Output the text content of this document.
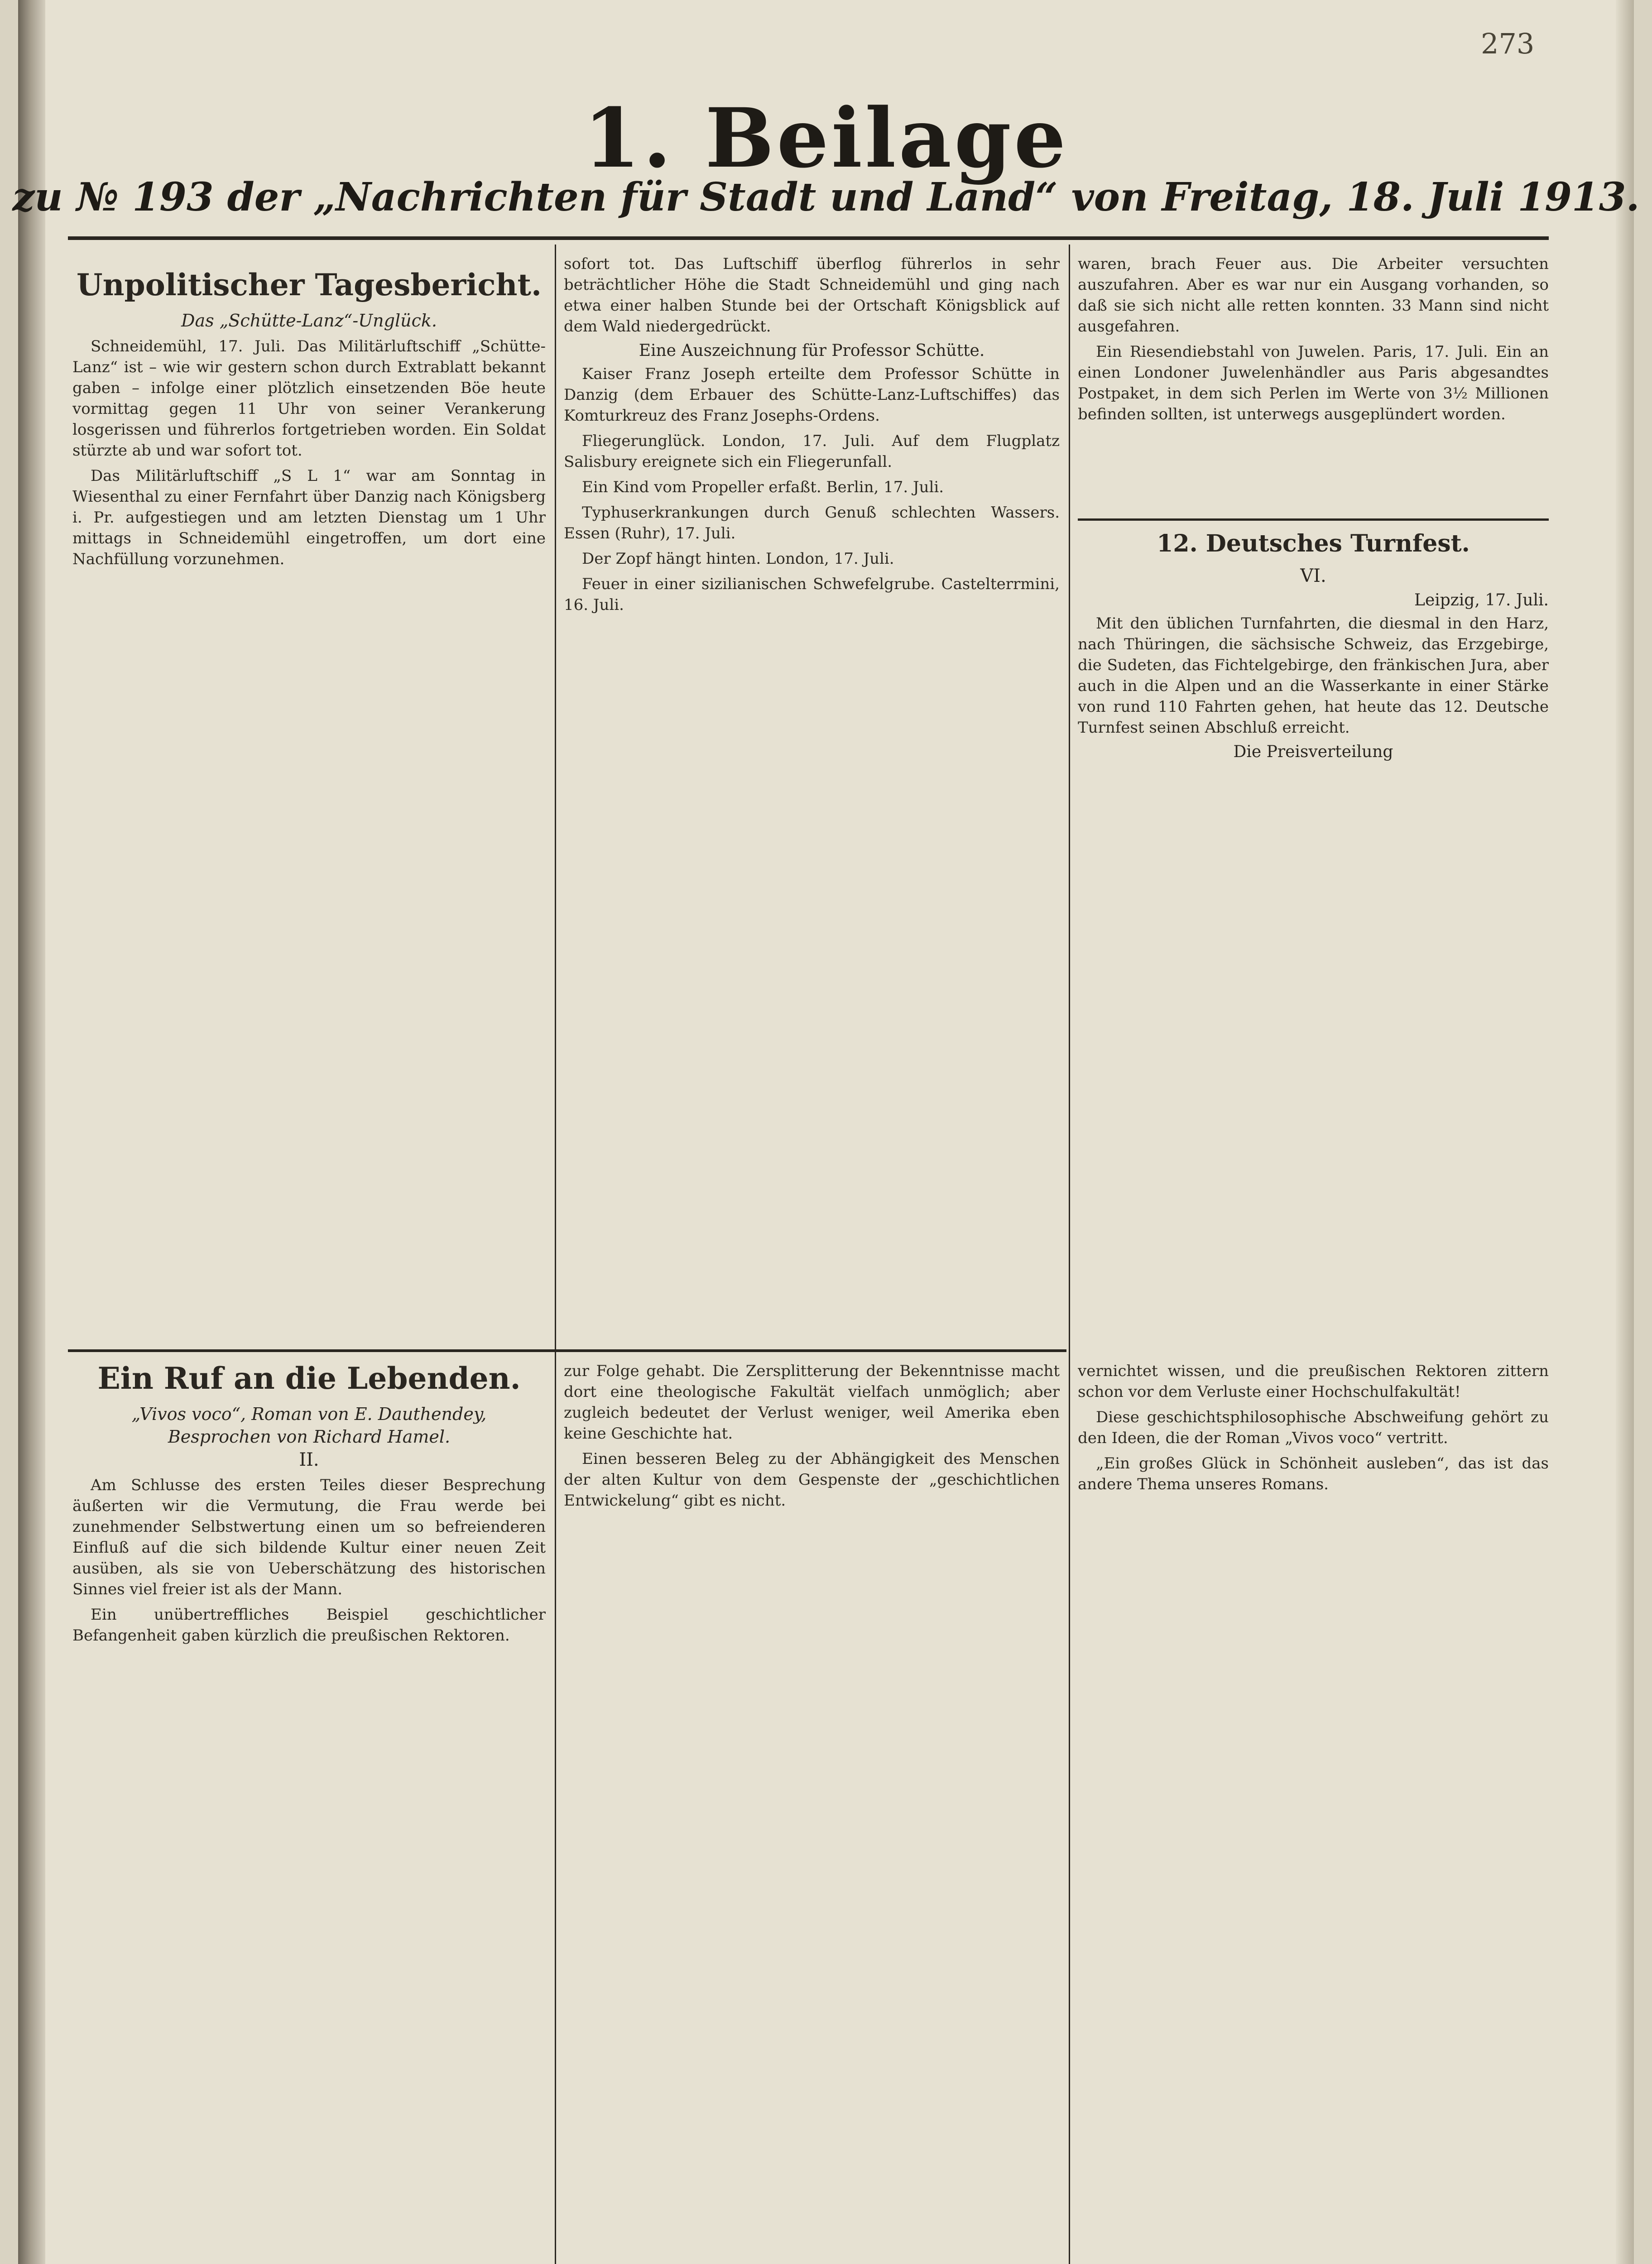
273
1. Beilage
zu № 193 der „Nachrichten für Stadt und Land“ von Freitag, 18. Juli 1913.
Unpolitischer Tagesbericht.
Das „Schütte-Lanz“-Unglück.

Schneidemühl, 17. Juli. Das Militärluftschiff „Schütte-Lanz“ ist – wie wir gestern schon durch Extrablatt bekannt gaben – infolge einer plötzlich einsetzenden Böe heute vormittag gegen 11 Uhr von seiner Verankerung losgerissen und führerlos fortgetrieben worden. Ein Soldat stürzte ab und war sofort tot.

Das Militärluftschiff „S L 1“ war am Sonntag in Wiesenthal zu einer Fernfahrt über Danzig nach Königsberg i. Pr. aufgestiegen und am letzten Dienstag um 1 Uhr mittags in Schneidemühl eingetroffen, um dort eine Nachfüllung vorzunehmen.

sofort tot. Das Luftschiff überflog führerlos in sehr beträchtlicher Höhe die Stadt Schneidemühl und ging nach etwa einer halben Stunde bei der Ortschaft Königsblick auf dem Wald niedergedrückt.

Eine Auszeichnung für Professor Schütte.

Kaiser Franz Joseph erteilte dem Professor Schütte in Danzig (dem Erbauer des Schütte-Lanz-Luftschiffes) das Komturkreuz des Franz Josephs-Ordens.

Fliegerunglück. London, 17. Juli. Auf dem Flugplatz Salisbury ereignete sich ein Fliegerunfall.

Ein Kind vom Propeller erfaßt. Berlin, 17. Juli.

Typhuserkrankungen durch Genuß schlechten Wassers. Essen (Ruhr), 17. Juli.

Der Zopf hängt hinten. London, 17. Juli.

Feuer in einer sizilianischen Schwefelgrube. Castelterrmini, 16. Juli.

waren, brach Feuer aus. Die Arbeiter versuchten auszufahren. Aber es war nur ein Ausgang vorhanden, so daß sie sich nicht alle retten konnten. 33 Mann sind nicht ausgefahren.

Ein Riesendiebstahl von Juwelen. Paris, 17. Juli. Ein an einen Londoner Juwelenhändler aus Paris abgesandtes Postpaket, in dem sich Perlen im Werte von 3½ Millionen befinden sollten, ist unterwegs ausgeplündert worden.

12. Deutsches Turnfest.
VI.
Leipzig, 17. Juli.

Mit den üblichen Turnfahrten, die diesmal in den Harz, nach Thüringen, die sächsische Schweiz, das Erzgebirge, die Sudeten, das Fichtelgebirge, den fränkischen Jura, aber auch in die Alpen und an die Wasserkante in einer Stärke von rund 110 Fahrten gehen, hat heute das 12. Deutsche Turnfest seinen Abschluß erreicht.

Die Preisverteilung
Ein Ruf an die Lebenden.
„Vivos voco“, Roman von E. Dauthendey,
Besprochen von Richard Hamel.
II.

Am Schlusse des ersten Teiles dieser Besprechung äußerten wir die Vermutung, die Frau werde bei zunehmender Selbstwertung einen um so befreienderen Einfluß auf die sich bildende Kultur einer neuen Zeit ausüben, als sie von Ueberschätzung des historischen Sinnes viel freier ist als der Mann.

Ein unübertreffliches Beispiel geschichtlicher Befangenheit gaben kürzlich die preußischen Rektoren.

zur Folge gehabt. Die Zersplitterung der Bekenntnisse macht dort eine theologische Fakultät vielfach unmöglich; aber zugleich bedeutet der Verlust weniger, weil Amerika eben keine Geschichte hat.

Einen besseren Beleg zu der Abhängigkeit des Menschen der alten Kultur von dem Gespenste der „geschichtlichen Entwickelung“ gibt es nicht.

vernichtet wissen, und die preußischen Rektoren zittern schon vor dem Verluste einer Hochschulfakultät!

Diese geschichtsphilosophische Abschweifung gehört zu den Ideen, die der Roman „Vivos voco“ vertritt.

„Ein großes Glück in Schönheit ausleben“, das ist das andere Thema unseres Romans.
